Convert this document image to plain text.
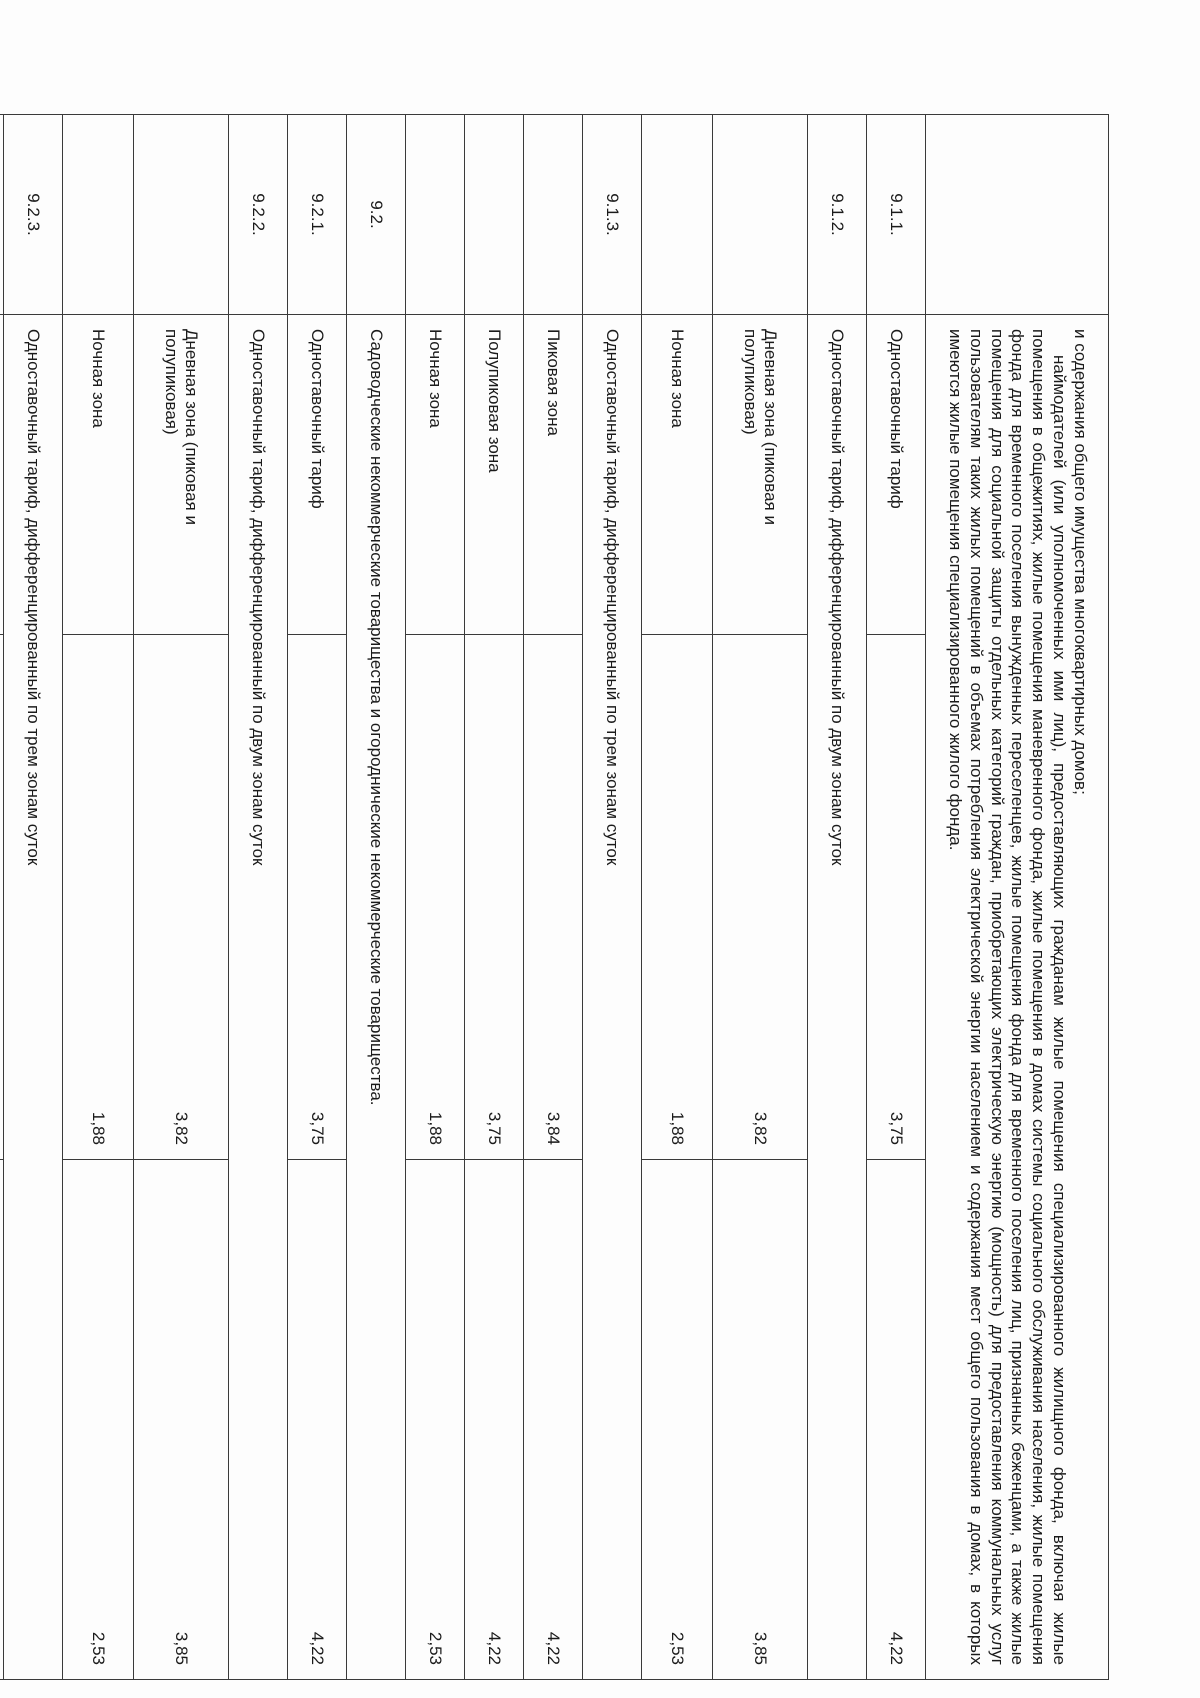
	и содержания общего имущества многоквартирных домов;
наймодателей (или уполномоченных ими лиц), предоставляющих гражданам жилые помещения специализированного жилищного фонда, включая жилые помещения в общежитиях, жилые помещения маневренного фонда, жилые помещения в домах системы социального обслуживания населения, жилые помещения фонда для временного поселения вынужденных переселенцев, жилые помещения фонда для временного поселения лиц, признанных беженцами, а также жилые помещения для социальной защиты отдельных категорий граждан, приобретающих электрическую энергию (мощность) для предоставления коммунальных услуг пользователям таких жилых помещений в объемах потребления электрической энергии населением и содержания мест общего пользования в домах, в которых имеются жилые помещения специализированного жилого фонда.		

9.1.1.	Одноставочный тариф	3,75	4,22
9.1.2.	Одноставочный тариф, дифференцированный по двум зонам суток		
	Дневная зона (пиковая и полупиковая)	3,82	3,85
	Ночная зона	1,88	2,53
9.1.3.	Одноставочный тариф, дифференцированный по трем зонам суток		
	Пиковая зона	3,84	4,22
	Полупиковая зона	3,75	4,22
	Ночная зона	1,88	2,53
9.2.	Садоводческие некоммерческие товарищества и огороднические некоммерческие товарищества.		
9.2.1.	Одноставочный тариф	3,75	4,22
9.2.2.	Одноставочный тариф, дифференцированный по двум зонам суток		
	Дневная зона (пиковая и полупиковая)	3,82	3,85
	Ночная зона	1,88	2,53
9.2.3.	Одноставочный тариф, дифференцированный по трем зонам суток		
